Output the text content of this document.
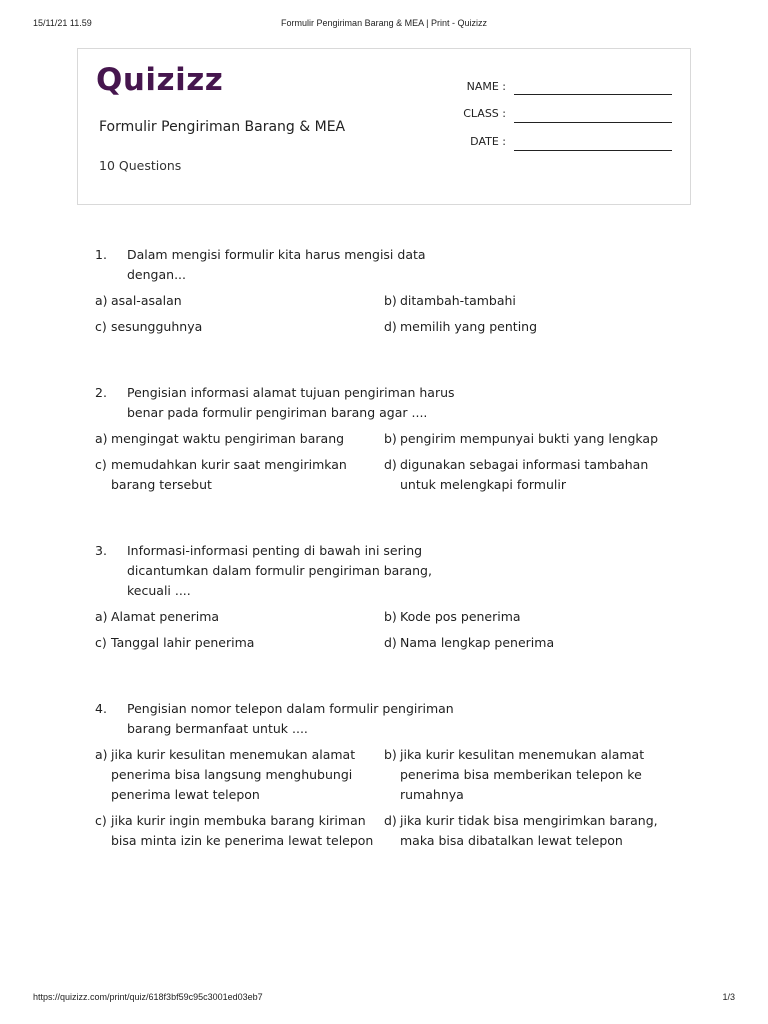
15/11/21 11.59	Formulir Pengiriman Barang & MEA | Print - Quizizz
Quizizz
Formulir Pengiriman Barang & MEA
10 Questions
NAME :
CLASS :
DATE :
1. Dalam mengisi formulir kita harus mengisi data dengan...
a) asal-asalan	b) ditambah-tambahi
c) sesungguhnya	d) memilih yang penting
2. Pengisian informasi alamat tujuan pengiriman harus benar pada formulir pengiriman barang agar ....
a) mengingat waktu pengiriman barang	b) pengirim mempunyai bukti yang lengkap
c) memudahkan kurir saat mengirimkan barang tersebut
d) digunakan sebagai informasi tambahan untuk melengkapi formulir
3. Informasi-informasi penting di bawah ini sering dicantumkan dalam formulir pengiriman barang, kecuali ....
a) Alamat penerima	b) Kode pos penerima
c) Tanggal lahir penerima	d) Nama lengkap penerima
4. Pengisian nomor telepon dalam formulir pengiriman barang bermanfaat untuk ....
a) jika kurir kesulitan menemukan alamat penerima bisa langsung menghubungi penerima lewat telepon
b) jika kurir kesulitan menemukan alamat penerima bisa memberikan telepon ke rumahnya
c) jika kurir ingin membuka barang kiriman bisa minta izin ke penerima lewat telepon
d) jika kurir tidak bisa mengirimkan barang, maka bisa dibatalkan lewat telepon
https://quizizz.com/print/quiz/618f3bf59c95c3001ed03eb7	1/3
